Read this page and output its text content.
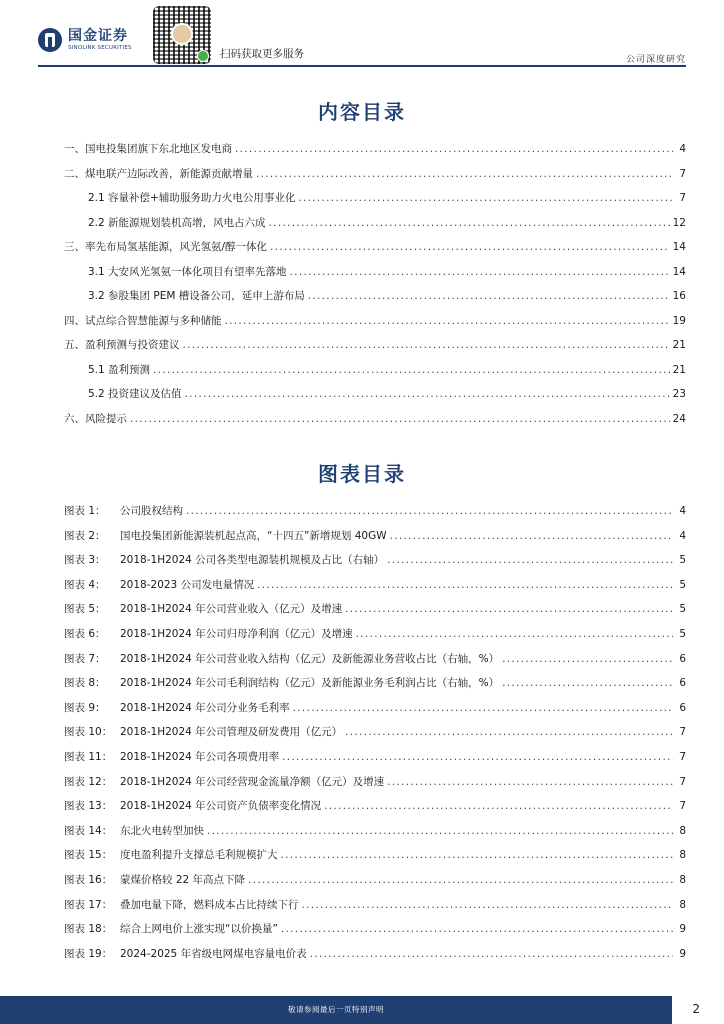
国金证券
SINOLINK SECURITIES	扫码获取更多服务	公司深度研究
内容目录
一、国电投集团旗下东北地区发电商 .....	4
二、煤电联产边际改善，新能源贡献增量 .....	7
2.1 容量补偿+辅助服务助力火电公用事业化 .....	7
2.2 新能源规划装机高增，风电占六成 .....	12
三、率先布局氢基能源，风光氢氨/醇一体化 .....	14
3.1 大安风光氢氨一体化项目有望率先落地 .....	14
3.2 参股集团 PEM 槽设备公司，延申上游布局 .....	16
四、试点综合智慧能源与多种储能 .....	19
五、盈利预测与投资建议 .....	21
5.1 盈利预测 .....	21
5.2 投资建议及估值 .....	23
六、风险提示 .....	24
图表目录
图表 1： 公司股权结构 .....	4
图表 2： 国电投集团新能源装机起点高，“十四五”新增规划 40GW .....	4
图表 3： 2018-1H2024 公司各类型电源装机规模及占比（右轴） .....	5
图表 4： 2018-2023 公司发电量情况 .....	5
图表 5： 2018-1H2024 年公司营业收入（亿元）及增速 .....	5
图表 6： 2018-1H2024 年公司归母净利润（亿元）及增速 .....	5
图表 7： 2018-1H2024 年公司营业收入结构（亿元）及新能源业务营收占比（右轴，%） .....	6
图表 8： 2018-1H2024 年公司毛利润结构（亿元）及新能源业务毛利润占比（右轴，%） .....	6
图表 9： 2018-1H2024 年公司分业务毛利率 .....	6
图表 10： 2018-1H2024 年公司管理及研发费用（亿元） .....	7
图表 11： 2018-1H2024 年公司各项费用率 .....	7
图表 12： 2018-1H2024 年公司经营现金流量净额（亿元）及增速 .....	7
图表 13： 2018-1H2024 年公司资产负债率变化情况 .....	7
图表 14： 东北火电转型加快 .....	8
图表 15： 度电盈利提升支撑总毛利规模扩大 .....	8
图表 16： 蒙煤价格较 22 年高点下降 .....	8
图表 17： 叠加电量下降，燃料成本占比持续下行 .....	8
图表 18： 综合上网电价上涨实现“以价换量” .....	9
图表 19： 2024-2025 年省级电网煤电容量电价表 .....	9
敬请参阅最后一页特别声明	2
